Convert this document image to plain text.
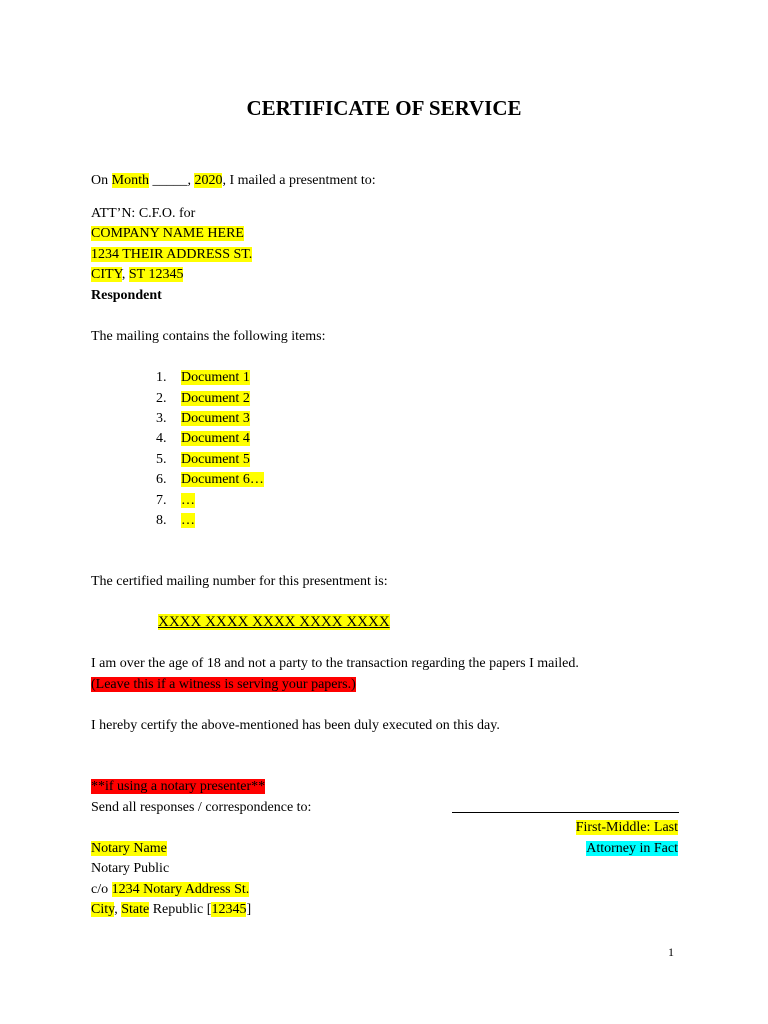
CERTIFICATE OF SERVICE
On Month _____, 2020, I mailed a presentment to:
ATT’N: C.F.O. for
COMPANY NAME HERE
1234 THEIR ADDRESS ST.
CITY, ST 12345
Respondent
The mailing contains the following items:
1. Document 1
2. Document 2
3. Document 3
4. Document 4
5. Document 5
6. Document 6…
7. …
8. …
The certified mailing number for this presentment is:
XXXX XXXX XXXX XXXX XXXX
I am over the age of 18 and not a party to the transaction regarding the papers I mailed.
(Leave this if a witness is serving your papers.)
I hereby certify the above-mentioned has been duly executed on this day.
**if using a notary presenter**
Send all responses / correspondence to:
First-Middle: Last
Attorney in Fact
Notary Name
Notary Public
c/o 1234 Notary Address St.
City, State Republic [12345]
1
